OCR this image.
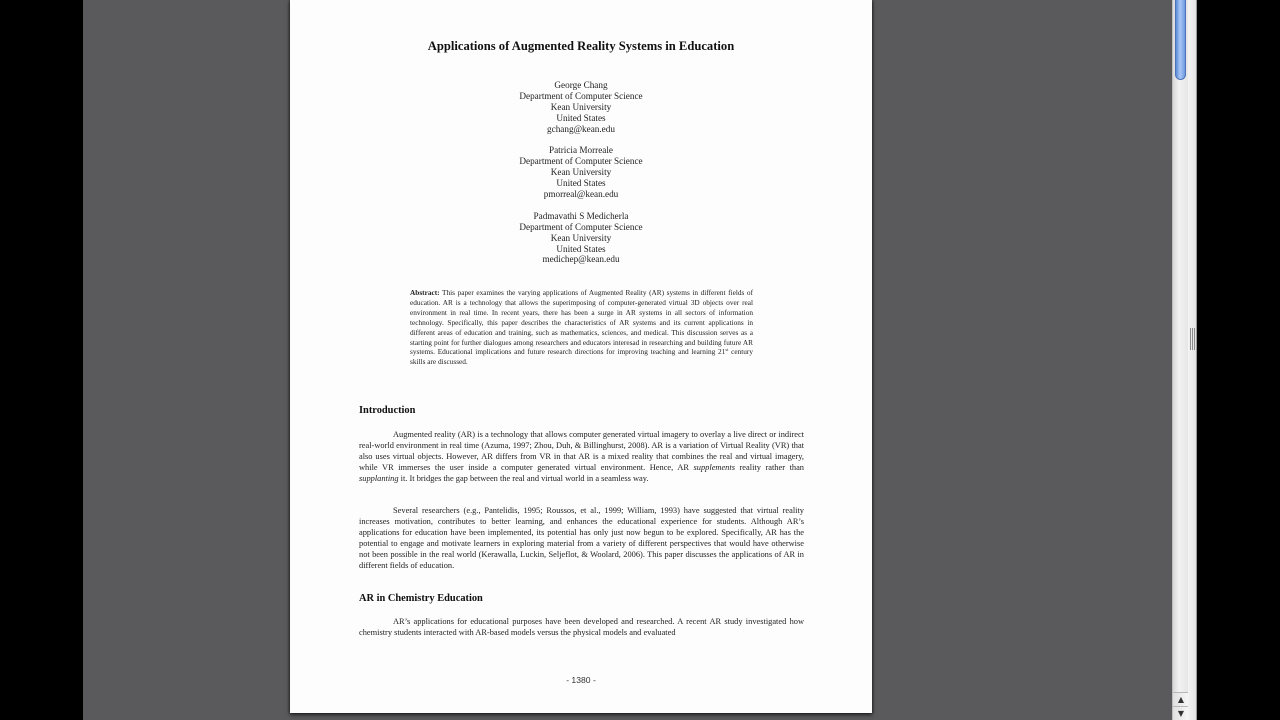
Applications of Augmented Reality Systems in Education
George Chang
Department of Computer Science
Kean University
United States
gchang@kean.edu
Patricia Morreale
Department of Computer Science
Kean University
United States
pmorreal@kean.edu
Padmavathi S Medicherla
Department of Computer Science
Kean University
United States
medichep@kean.edu
Abstract: This paper examines the varying applications of Augmented Reality (AR) systems in different fields of education. AR is a technology that allows the superimposing of computer-generated virtual 3D objects over real environment in real time. In recent years, there has been a surge in AR systems in all sectors of information technology. Specifically, this paper describes the characteristics of AR systems and its current applications in different areas of education and training, such as mathematics, sciences, and medical. This discussion serves as a starting point for further dialogues among researchers and educators interesad in researching and building future AR systems. Educational implications and future research directions for improving teaching and learning 21st century skills are discussed.
Introduction
Augmented reality (AR) is a technology that allows computer generated virtual imagery to overlay a live direct or indirect real-world environment in real time (Azuma, 1997; Zhou, Duh, & Billinghurst, 2008). AR is a variation of Virtual Reality (VR) that also uses virtual objects. However, AR differs from VR in that AR is a mixed reality that combines the real and virtual imagery, while VR immerses the user inside a computer generated virtual environment. Hence, AR supplements reality rather than supplanting it. It bridges the gap between the real and virtual world in a seamless way.
Several researchers (e.g., Pantelidis, 1995; Roussos, et al., 1999; William, 1993) have suggested that virtual reality increases motivation, contributes to better learning, and enhances the educational experience for students. Although AR’s applications for education have been implemented, its potential has only just now begun to be explored. Specifically, AR has the potential to engage and motivate learners in exploring material from a variety of different perspectives that would have otherwise not been possible in the real world (Kerawalla, Luckin, Seljeflot, & Woolard, 2006). This paper discusses the applications of AR in different fields of education.
AR in Chemistry Education
AR’s applications for educational purposes have been developed and researched. A recent AR study investigated how chemistry students interacted with AR-based models versus the physical models and evaluated
- 1380 -
▲
▼
